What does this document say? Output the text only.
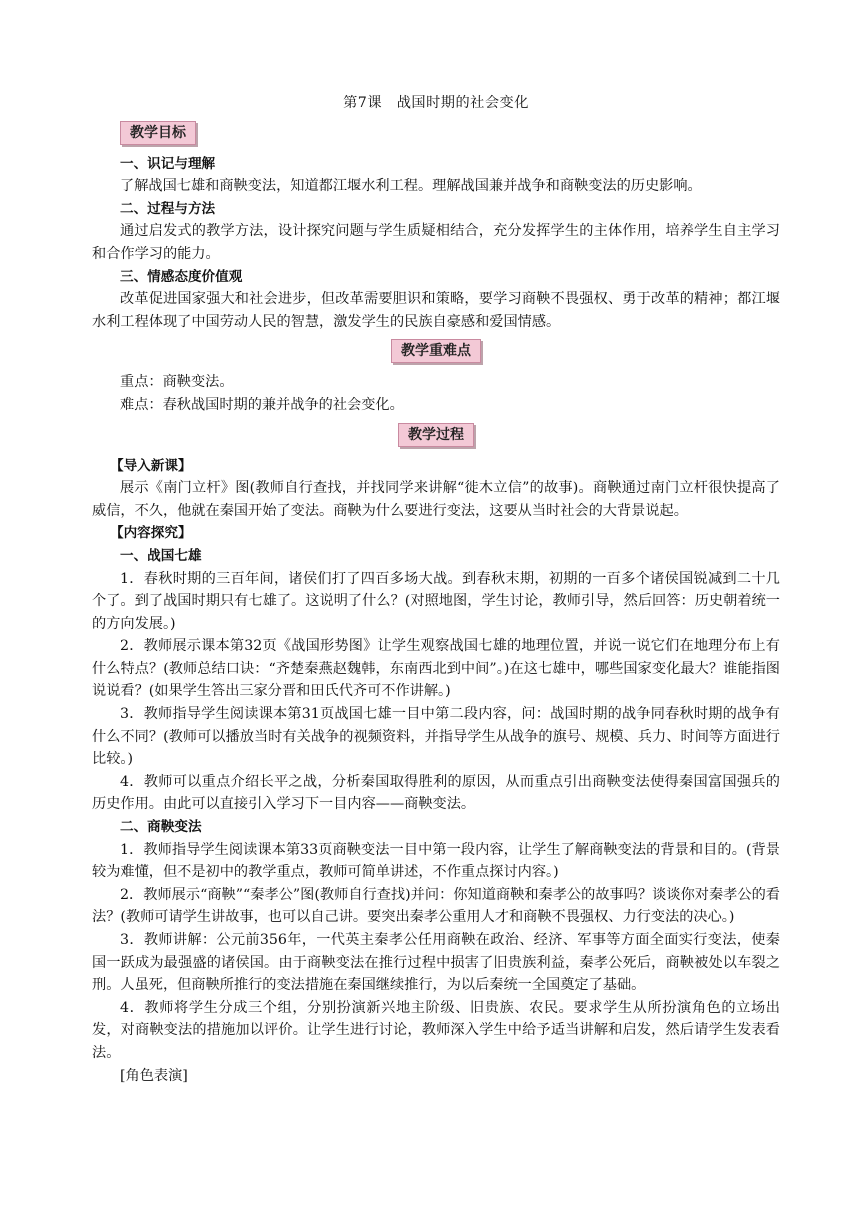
第7课　战国时期的社会变化
教学目标
一、识记与理解
了解战国七雄和商鞅变法，知道都江堰水利工程。理解战国兼并战争和商鞅变法的历史影响。
二、过程与方法
通过启发式的教学方法，设计探究问题与学生质疑相结合，充分发挥学生的主体作用，培养学生自主学习和合作学习的能力。
三、情感态度价值观
改革促进国家强大和社会进步，但改革需要胆识和策略，要学习商鞅不畏强权、勇于改革的精神；都江堰水利工程体现了中国劳动人民的智慧，激发学生的民族自豪感和爱国情感。
教学重难点
重点：商鞅变法。
难点：春秋战国时期的兼并战争的社会变化。
教学过程
【导入新课】
展示《南门立杆》图(教师自行查找，并找同学来讲解“徙木立信”的故事)。商鞅通过南门立杆很快提高了威信，不久，他就在秦国开始了变法。商鞅为什么要进行变法，这要从当时社会的大背景说起。
【内容探究】
一、战国七雄
1．春秋时期的三百年间，诸侯们打了四百多场大战。到春秋末期，初期的一百多个诸侯国锐减到二十几个了。到了战国时期只有七雄了。这说明了什么？(对照地图，学生讨论，教师引导，然后回答：历史朝着统一的方向发展。)
2．教师展示课本第32页《战国形势图》让学生观察战国七雄的地理位置，并说一说它们在地理分布上有什么特点？(教师总结口诀：“齐楚秦燕赵魏韩，东南西北到中间”。)在这七雄中，哪些国家变化最大？谁能指图说说看？(如果学生答出三家分晋和田氏代齐可不作讲解。)
3．教师指导学生阅读课本第31页战国七雄一目中第二段内容，问：战国时期的战争同春秋时期的战争有什么不同？(教师可以播放当时有关战争的视频资料，并指导学生从战争的旗号、规模、兵力、时间等方面进行比较。)
4．教师可以重点介绍长平之战，分析秦国取得胜利的原因，从而重点引出商鞅变法使得秦国富国强兵的历史作用。由此可以直接引入学习下一目内容——商鞅变法。
二、商鞅变法
1．教师指导学生阅读课本第33页商鞅变法一目中第一段内容，让学生了解商鞅变法的背景和目的。(背景较为难懂，但不是初中的教学重点，教师可简单讲述，不作重点探讨内容。)
2．教师展示“商鞅”“秦孝公”图(教师自行查找)并问：你知道商鞅和秦孝公的故事吗？谈谈你对秦孝公的看法？(教师可请学生讲故事，也可以自己讲。要突出秦孝公重用人才和商鞅不畏强权、力行变法的决心。)
3．教师讲解：公元前356年，一代英主秦孝公任用商鞅在政治、经济、军事等方面全面实行变法，使秦国一跃成为最强盛的诸侯国。由于商鞅变法在推行过程中损害了旧贵族利益，秦孝公死后，商鞅被处以车裂之刑。人虽死，但商鞅所推行的变法措施在秦国继续推行，为以后秦统一全国奠定了基础。
4．教师将学生分成三个组，分别扮演新兴地主阶级、旧贵族、农民。要求学生从所扮演角色的立场出发，对商鞅变法的措施加以评价。让学生进行讨论，教师深入学生中给予适当讲解和启发，然后请学生发表看法。
[角色表演]
